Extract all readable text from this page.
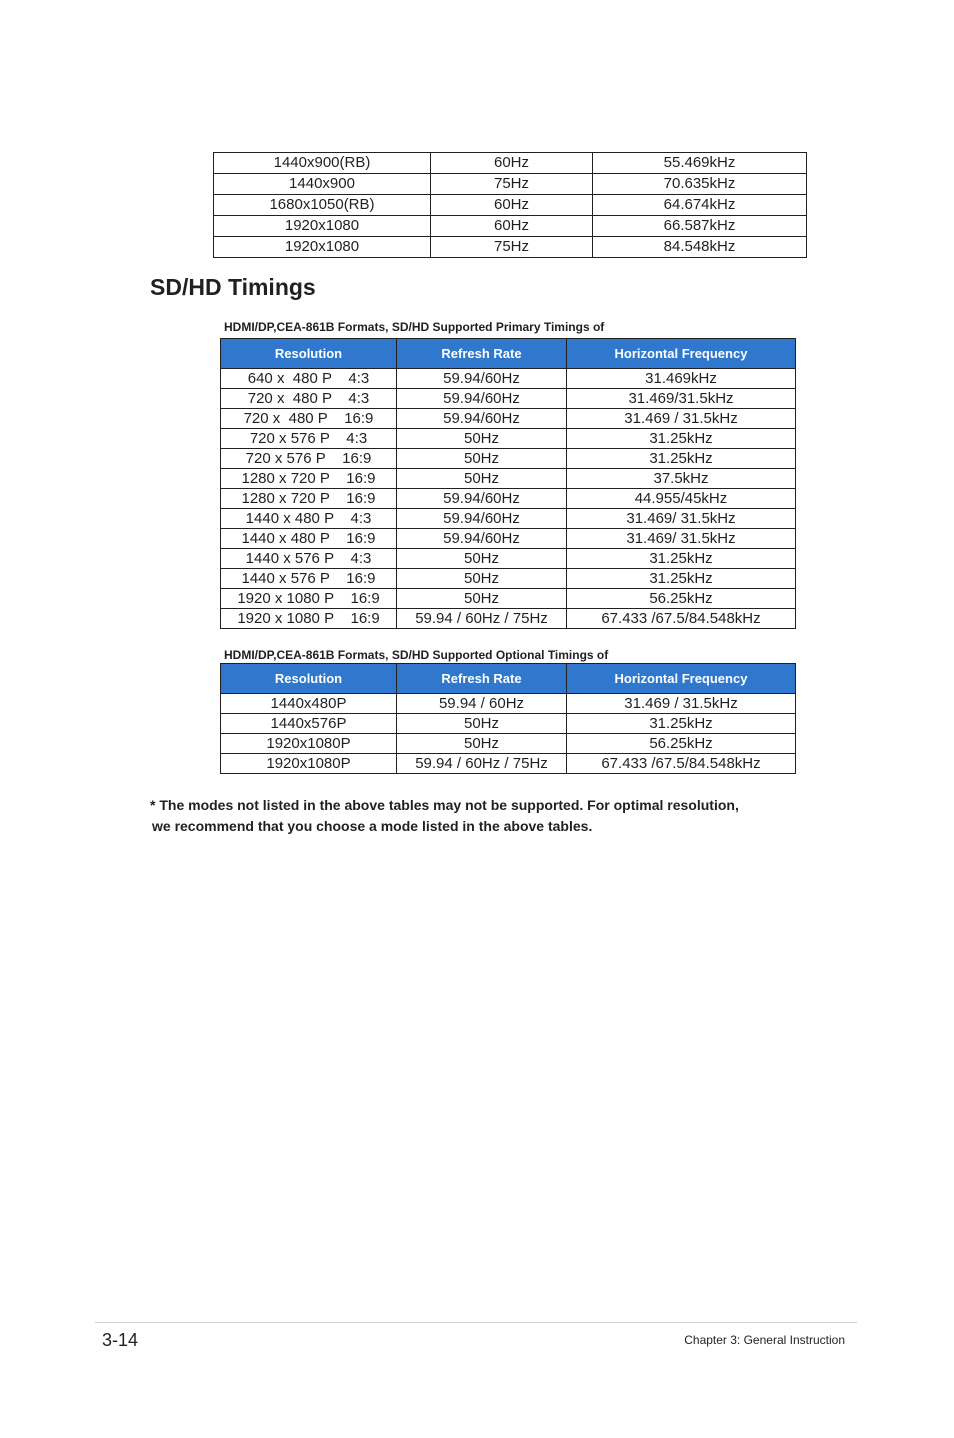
1440x900(RB)	60Hz	55.469kHz
1440x900	75Hz	70.635kHz
1680x1050(RB)	60Hz	64.674kHz
1920x1080	60Hz	66.587kHz
1920x1080	75Hz	84.548kHz
SD/HD Timings
HDMI/DP,CEA-861B Formats, SD/HD Supported Primary Timings of
Resolution	Refresh Rate	Horizontal Frequency
640 x  480 P    4:3	59.94/60Hz	31.469kHz
720 x  480 P    4:3	59.94/60Hz	31.469/31.5kHz
720 x  480 P    16:9	59.94/60Hz	31.469 / 31.5kHz
720 x 576 P    4:3	50Hz	31.25kHz
720 x 576 P    16:9	50Hz	31.25kHz
1280 x 720 P    16:9	50Hz	37.5kHz
1280 x 720 P    16:9	59.94/60Hz	44.955/45kHz
1440 x 480 P    4:3	59.94/60Hz	31.469/ 31.5kHz
1440 x 480 P    16:9	59.94/60Hz	31.469/ 31.5kHz
1440 x 576 P    4:3	50Hz	31.25kHz
1440 x 576 P    16:9	50Hz	31.25kHz
1920 x 1080 P    16:9	50Hz	56.25kHz
1920 x 1080 P    16:9	59.94 / 60Hz / 75Hz	67.433 /67.5/84.548kHz
HDMI/DP,CEA-861B Formats, SD/HD Supported Optional Timings of
Resolution	Refresh Rate	Horizontal Frequency
1440x480P	59.94 / 60Hz	31.469 / 31.5kHz
1440x576P	50Hz	31.25kHz
1920x1080P	50Hz	56.25kHz
1920x1080P	59.94 / 60Hz / 75Hz	67.433 /67.5/84.548kHz
* The modes not listed in the above tables may not be supported. For optimal resolution,
we recommend that you choose a mode listed in the above tables.
3-14	Chapter 3: General Instruction
